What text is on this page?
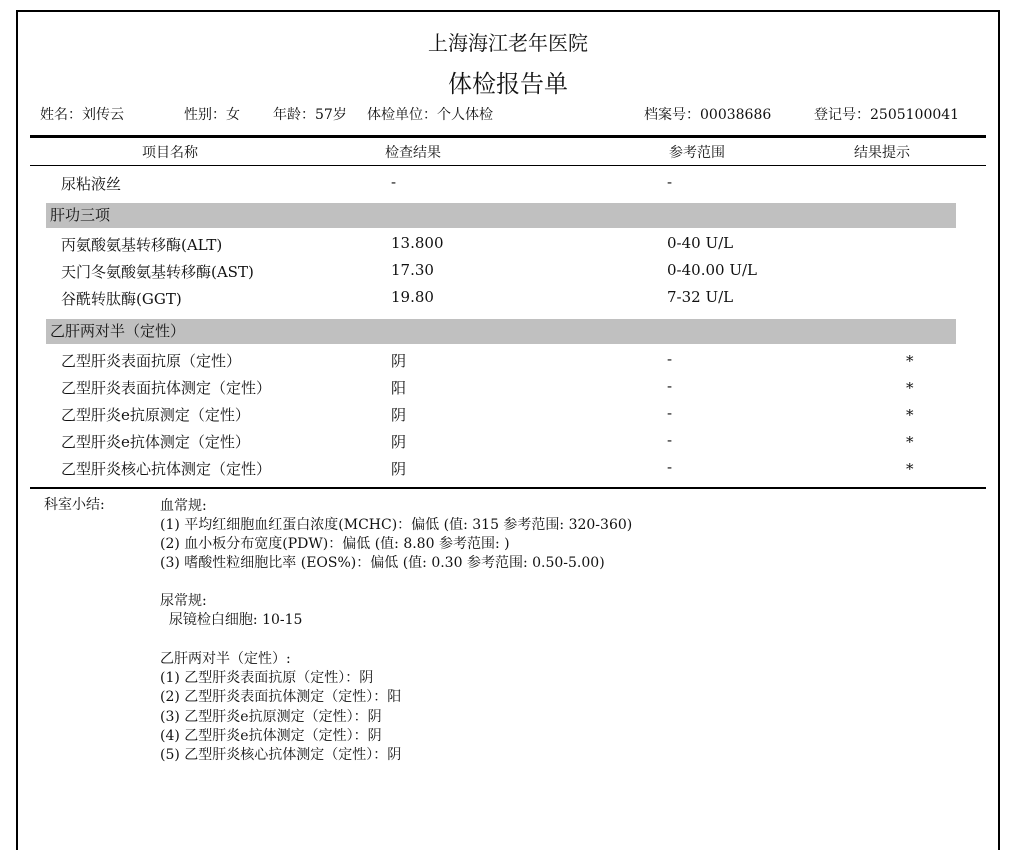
上海海江老年医院
体检报告单
姓名：刘传云	性别：女 年龄：57岁 体检单位：个人体检	档案号：00038686	登记号：2505100041
项目名称	检查结果	参考范围	结果提示
尿粘液丝	-	-
肝功三项
丙氨酸氨基转移酶(ALT)	13.800	0-40 U/L
天门冬氨酸氨基转移酶(AST)	17.30	0-40.00 U/L
谷酰转肽酶(GGT)	19.80	7-32 U/L
乙肝两对半（定性）
乙型肝炎表面抗原（定性）	阴	-	*
乙型肝炎表面抗体测定（定性）	阳	-	*
乙型肝炎e抗原测定（定性）	阴	-	*
乙型肝炎e抗体测定（定性）	阴	-	*
乙型肝炎核心抗体测定（定性）	阴	-	*
科室小结:	血常规:
(1) 平均红细胞血红蛋白浓度(MCHC)：偏低 (值: 315 参考范围: 320-360)
(2) 血小板分布宽度(PDW)：偏低 (值: 8.80 参考范围: )
(3) 嗜酸性粒细胞比率 (EOS%)：偏低 (值: 0.30 参考范围: 0.50-5.00)
尿常规:
尿镜检白细胞: 10-15
乙肝两对半（定性）:
(1) 乙型肝炎表面抗原（定性）：阴
(2) 乙型肝炎表面抗体测定（定性）：阳
(3) 乙型肝炎e抗原测定（定性）：阴
(4) 乙型肝炎e抗体测定（定性）：阴
(5) 乙型肝炎核心抗体测定（定性）：阴
